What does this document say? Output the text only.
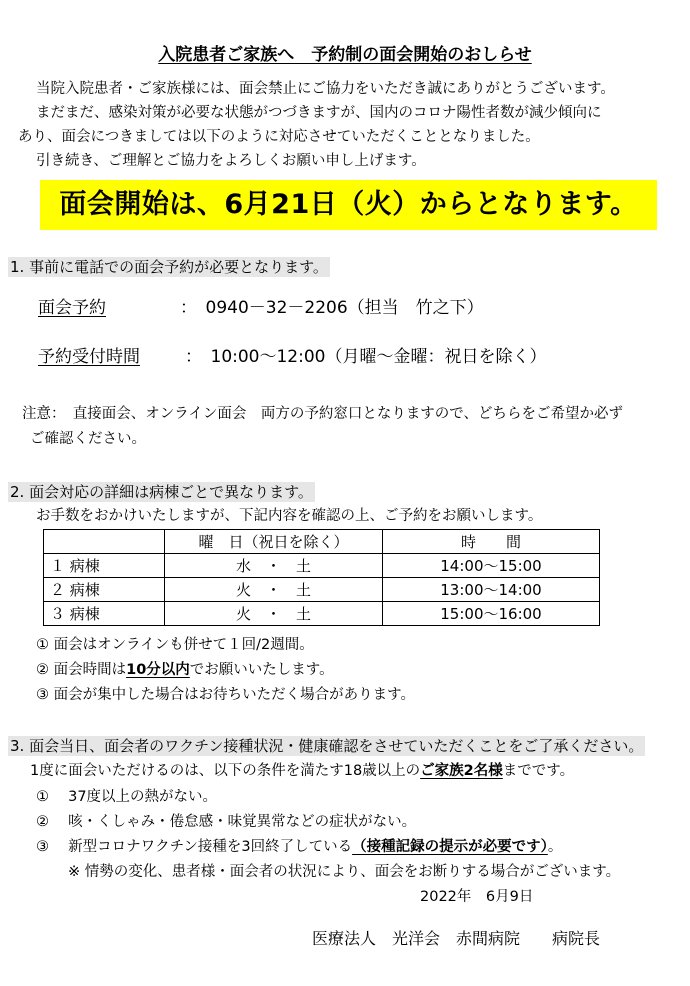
入院患者ご家族へ　予約制の面会開始のおしらせ
当院入院患者・ご家族様には、面会禁止にご協力をいただき誠にありがとうございます。
まだまだ、感染対策が必要な状態がつづきますが、国内のコロナ陽性者数が減少傾向に
あり、面会につきましては以下のように対応させていただくこととなりました。
引き続き、ご理解とご協力をよろしくお願い申し上げます。
面会開始は、6月21日（火）からとなります。
1. 事前に電話での面会予約が必要となります。
面会予約	：　0940－32－2206（担当　竹之下）
予約受付時間	：　10:00～12:00（月曜～金曜：祝日を除く）
注意：　直接面会、オンライン面会　両方の予約窓口となりますので、どちらをご希望か必ず
ご確認ください。
2. 面会対応の詳細は病棟ごとで異なります。
お手数をおかけいたしますが、下記内容を確認の上、ご予約をお願いします。
	曜　日（祝日を除く）	時　　間
１ 病棟	水　・　土	14:00～15:00
２ 病棟	火　・　土	13:00～14:00
３ 病棟	火　・　土	15:00～16:00
① 面会はオンラインも併せて１回/2週間。
② 面会時間は10分以内でお願いいたします。
③ 面会が集中した場合はお待ちいただく場合があります。
3. 面会当日、面会者のワクチン接種状況・健康確認をさせていただくことをご了承ください。
1度に面会いただけるのは、以下の条件を満たす18歳以上のご家族2名様までです。
①　 37度以上の熱がない。
②　 咳・くしゃみ・倦怠感・味覚異常などの症状がない。
③　 新型コロナワクチン接種を3回終了している（接種記録の提示が必要です）。
※ 情勢の変化、患者様・面会者の状況により、面会をお断りする場合がございます。
2022年　6月9日
医療法人　光洋会　赤間病院　　病院長
